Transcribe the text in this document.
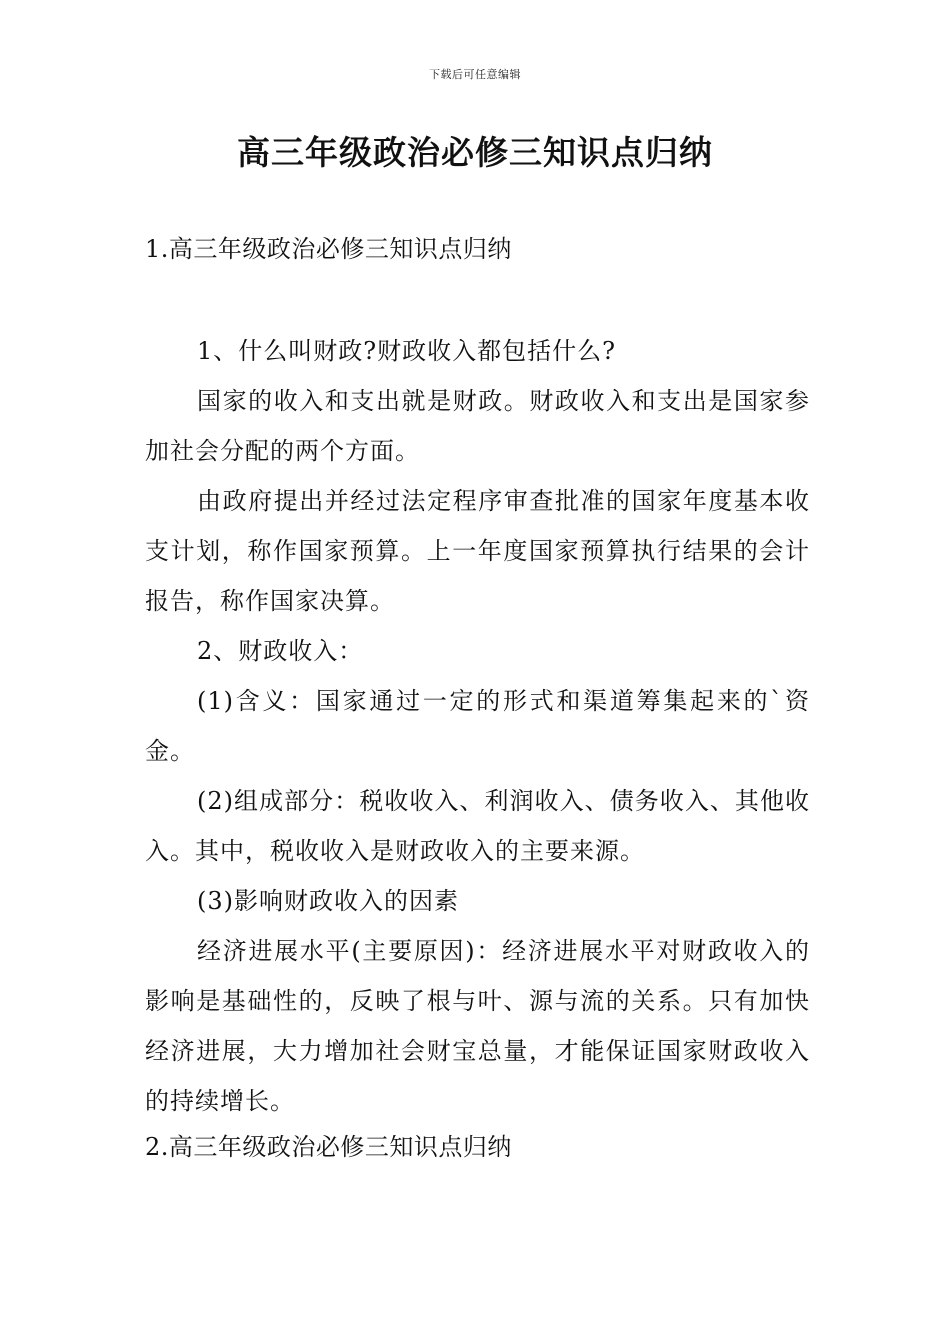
下载后可任意编辑
高三年级政治必修三知识点归纳
1.高三年级政治必修三知识点归纳

1、什么叫财政?财政收入都包括什么?

国家的收入和支出就是财政。财政收入和支出是国家参加社会分配的两个方面。

由政府提出并经过法定程序审查批准的国家年度基本收支计划，称作国家预算。上一年度国家预算执行结果的会计报告，称作国家决算。

2、财政收入：

(1)含义：国家通过一定的形式和渠道筹集起来的`资金。

(2)组成部分：税收收入、利润收入、债务收入、其他收入。其中，税收收入是财政收入的主要来源。

(3)影响财政收入的因素

经济进展水平(主要原因)：经济进展水平对财政收入的影响是基础性的，反映了根与叶、源与流的关系。只有加快经济进展，大力增加社会财宝总量，才能保证国家财政收入的持续增长。

2.高三年级政治必修三知识点归纳
